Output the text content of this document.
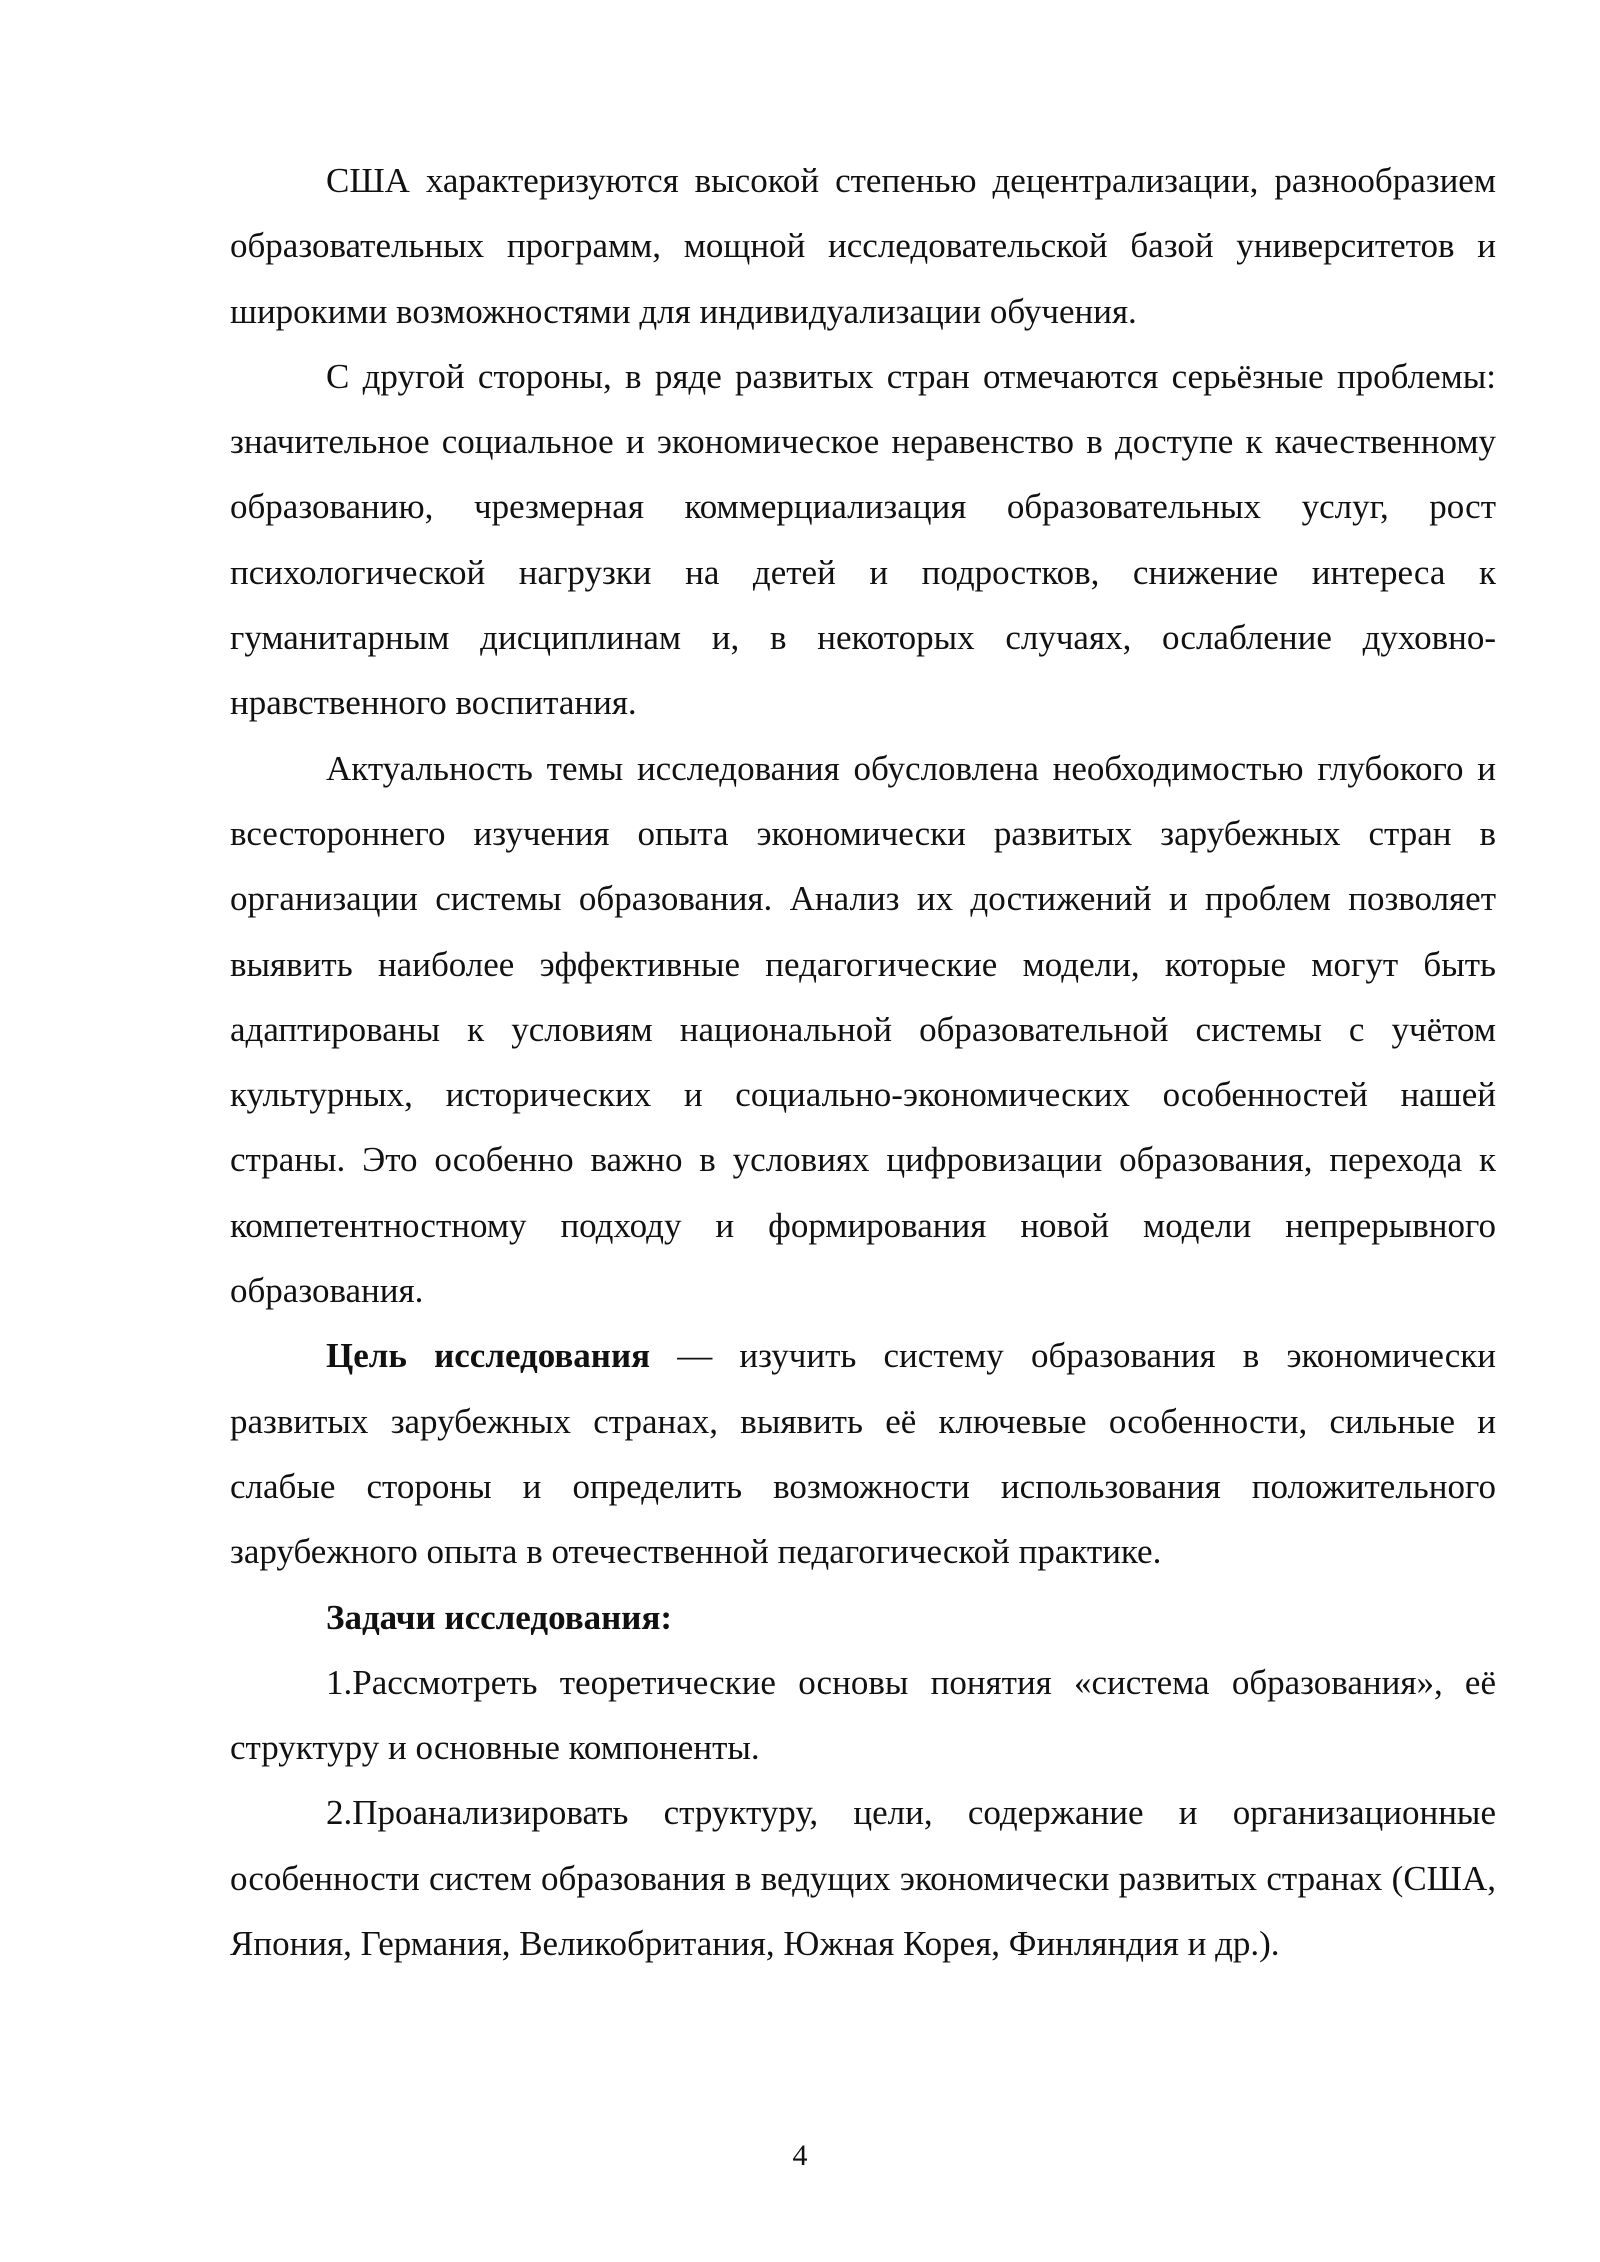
США характеризуются высокой степенью децентрализации, разнообразием образовательных программ, мощной исследовательской базой университетов и широкими возможностями для индивидуализации обучения.

С другой стороны, в ряде развитых стран отмечаются серьёзные проблемы: значительное социальное и экономическое неравенство в доступе к качественному образованию, чрезмерная коммерциализация образовательных услуг, рост психологической нагрузки на детей и подростков, снижение интереса к гуманитарным дисциплинам и, в некоторых случаях, ослабление духовно-нравственного воспитания.

Актуальность темы исследования обусловлена необходимостью глубокого и всестороннего изучения опыта экономически развитых зарубежных стран в организации системы образования. Анализ их достижений и проблем позволяет выявить наиболее эффективные педагогические модели, которые могут быть адаптированы к условиям национальной образовательной системы с учётом культурных, исторических и социально-экономических особенностей нашей страны. Это особенно важно в условиях цифровизации образования, перехода к компетентностному подходу и формирования новой модели непрерывного образования.

Цель исследования — изучить систему образования в экономически развитых зарубежных странах, выявить её ключевые особенности, сильные и слабые стороны и определить возможности использования положительного зарубежного опыта в отечественной педагогической практике.

Задачи исследования:

1.Рассмотреть теоретические основы понятия «система образования», её структуру и основные компоненты.

2.Проанализировать структуру, цели, содержание и организационные особенности систем образования в ведущих экономически развитых странах (США, Япония, Германия, Великобритания, Южная Корея, Финляндия и др.).

4
